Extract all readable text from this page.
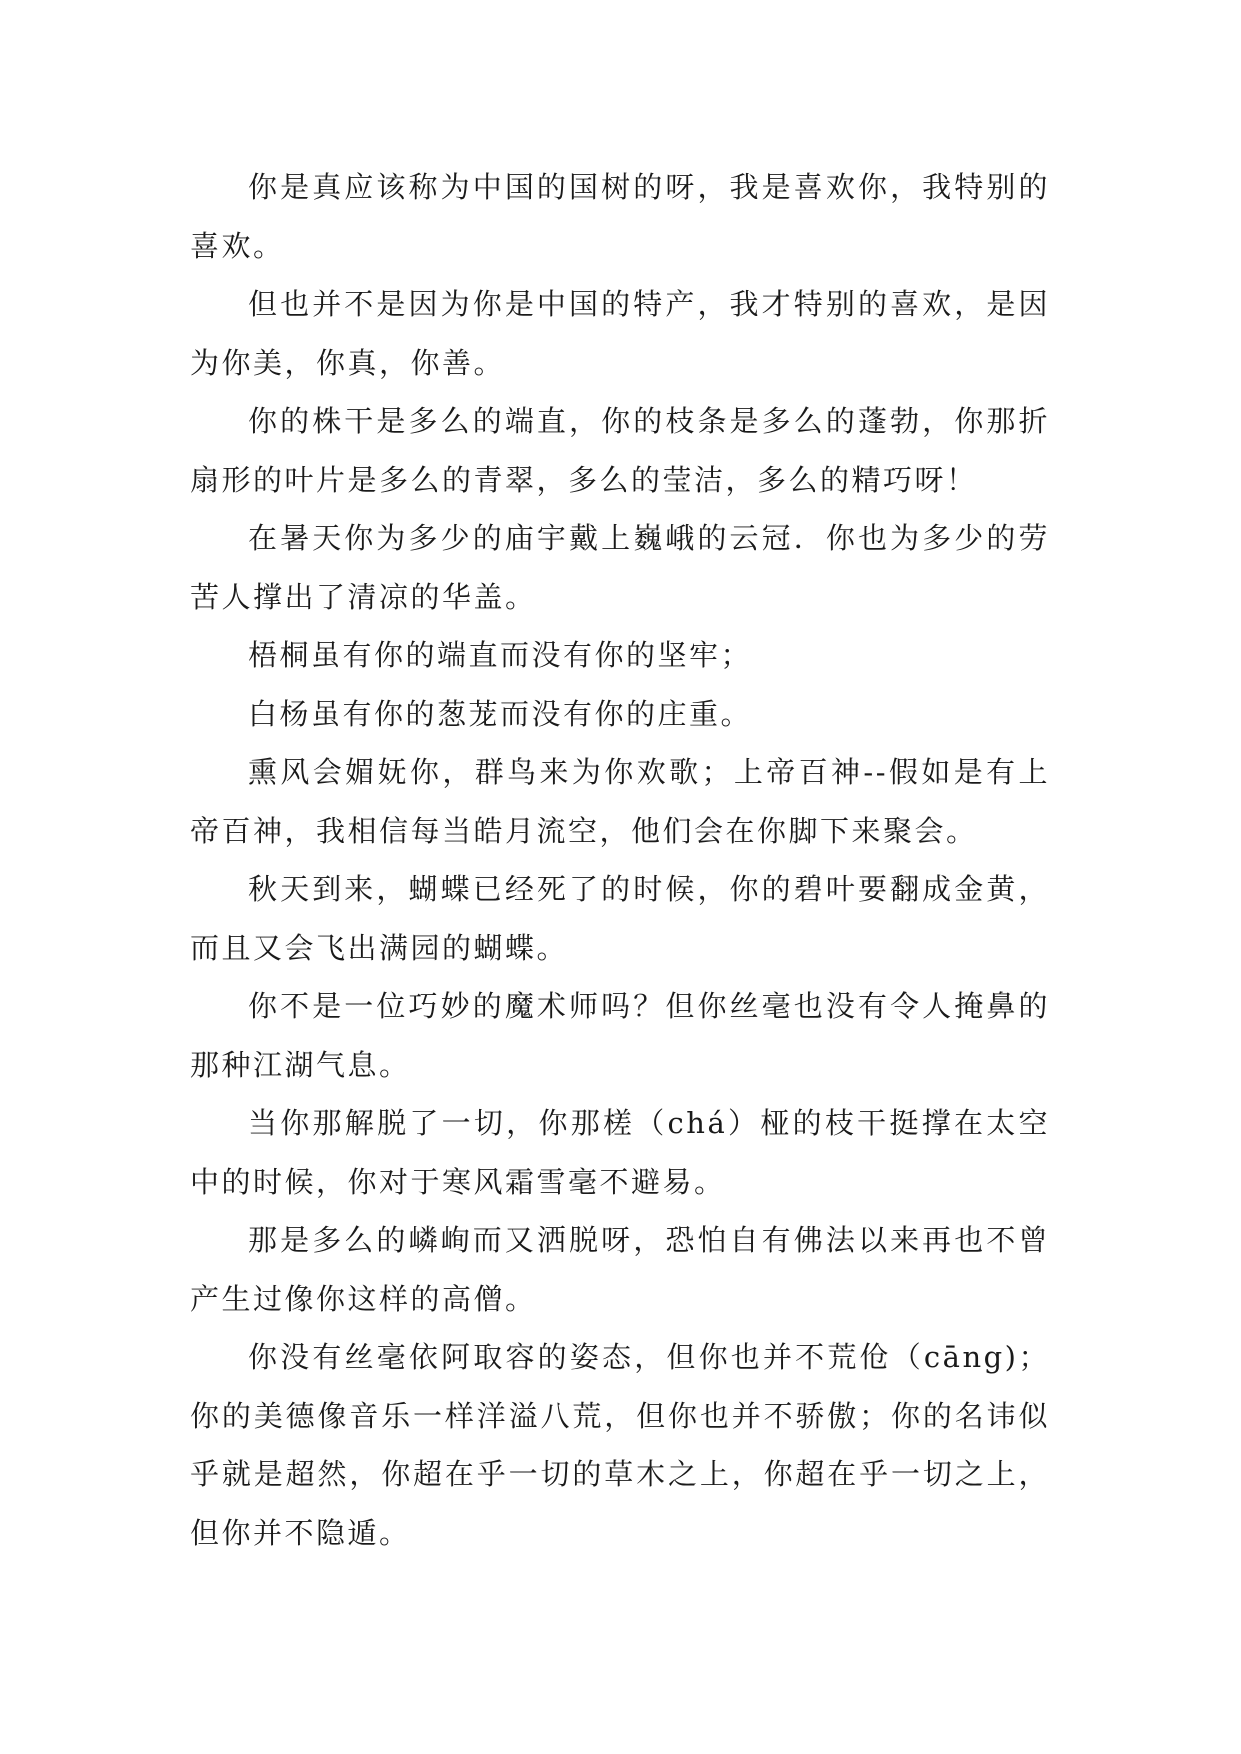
你是真应该称为中国的国树的呀，我是喜欢你，我特别的喜欢。

但也并不是因为你是中国的特产，我才特别的喜欢，是因为你美，你真，你善。

你的株干是多么的端直，你的枝条是多么的蓬勃，你那折扇形的叶片是多么的青翠，多么的莹洁，多么的精巧呀！

在暑天你为多少的庙宇戴上巍峨的云冠．你也为多少的劳苦人撑出了清凉的华盖。

梧桐虽有你的端直而没有你的坚牢；

白杨虽有你的葱茏而没有你的庄重。

熏风会媚妩你，群鸟来为你欢歌；上帝百神--假如是有上帝百神，我相信每当皓月流空，他们会在你脚下来聚会。

秋天到来，蝴蝶已经死了的时候，你的碧叶要翻成金黄，而且又会飞出满园的蝴蝶。

你不是一位巧妙的魔术师吗？但你丝毫也没有令人掩鼻的那种江湖气息。

当你那解脱了一切，你那槎（chá）桠的枝干挺撑在太空中的时候，你对于寒风霜雪毫不避易。

那是多么的嶙峋而又洒脱呀，恐怕自有佛法以来再也不曾产生过像你这样的高僧。

你没有丝毫依阿取容的姿态，但你也并不荒伧（cāng)；你的美德像音乐一样洋溢八荒，但你也并不骄傲；你的名讳似乎就是超然，你超在乎一切的草木之上，你超在乎一切之上，但你并不隐遁。
